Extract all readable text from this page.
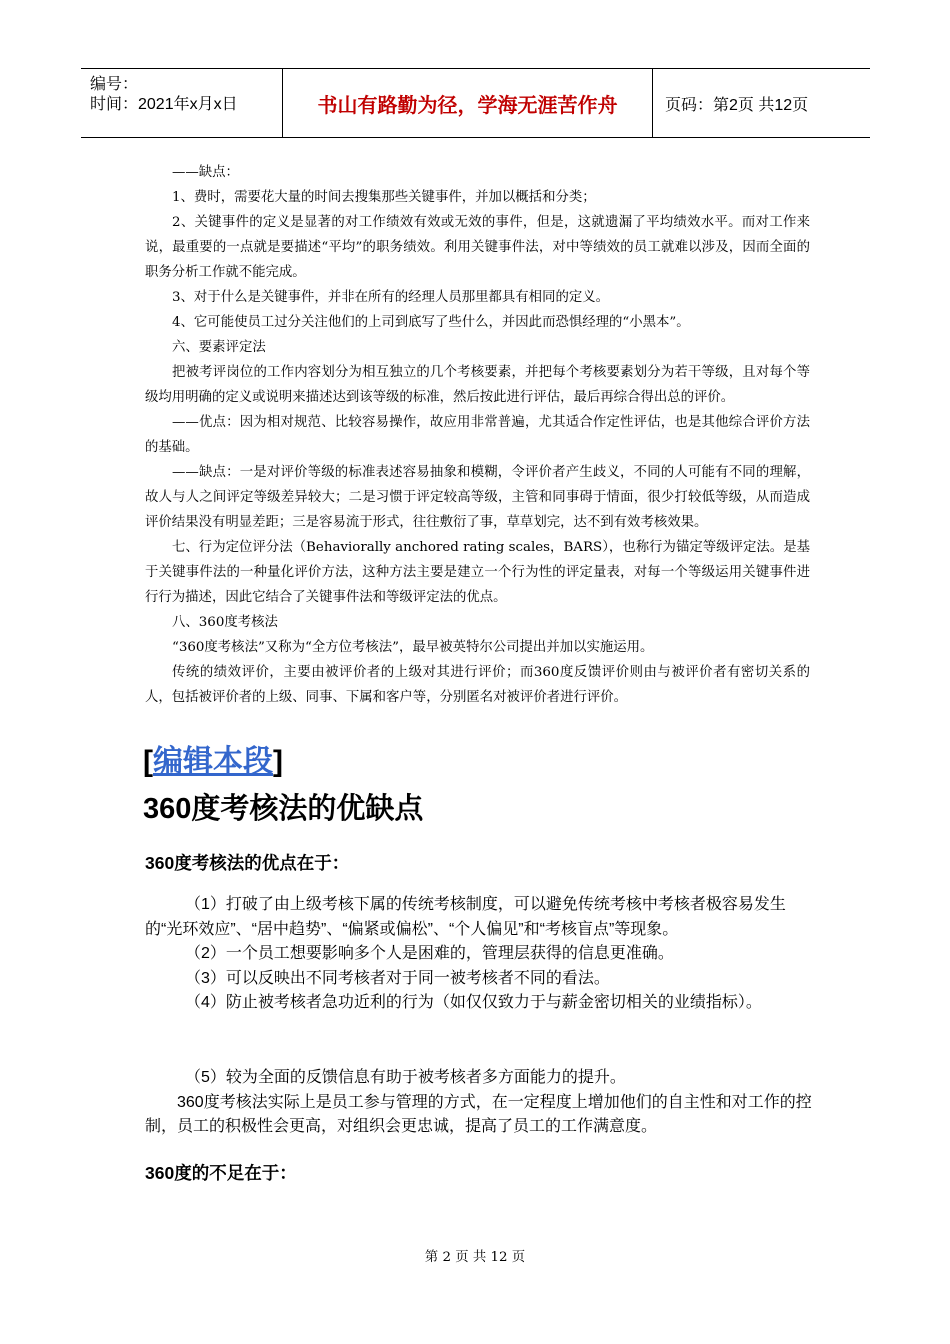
编号：
时间：2021年x月x日	书山有路勤为径，学海无涯苦作舟	页码：第2页 共12页

——缺点：

1、费时，需要花大量的时间去搜集那些关键事件，并加以概括和分类；

2、关键事件的定义是显著的对工作绩效有效或无效的事件，但是，这就遗漏了平均绩效水平。而对工作来说，最重要的一点就是要描述“平均”的职务绩效。利用关键事件法，对中等绩效的员工就难以涉及，因而全面的职务分析工作就不能完成。

3、对于什么是关键事件，并非在所有的经理人员那里都具有相同的定义。

4、它可能使员工过分关注他们的上司到底写了些什么，并因此而恐惧经理的“小黑本”。

六、要素评定法

把被考评岗位的工作内容划分为相互独立的几个考核要素，并把每个考核要素划分为若干等级，且对每个等级均用明确的定义或说明来描述达到该等级的标准，然后按此进行评估，最后再综合得出总的评价。

——优点：因为相对规范、比较容易操作，故应用非常普遍，尤其适合作定性评估，也是其他综合评价方法的基础。

——缺点：一是对评价等级的标准表述容易抽象和模糊，令评价者产生歧义，不同的人可能有不同的理解，故人与人之间评定等级差异较大；二是习惯于评定较高等级，主管和同事碍于情面，很少打较低等级，从而造成评价结果没有明显差距；三是容易流于形式，往往敷衍了事，草草划完，达不到有效考核效果。

七、行为定位评分法（Behaviorally anchored rating scales，BARS），也称行为锚定等级评定法。是基于关键事件法的一种量化评价方法，这种方法主要是建立一个行为性的评定量表，对每一个等级运用关键事件进行行为描述，因此它结合了关键事件法和等级评定法的优点。

八、360度考核法

“360度考核法”又称为“全方位考核法”，最早被英特尔公司提出并加以实施运用。

传统的绩效评价，主要由被评价者的上级对其进行评价；而360度反馈评价则由与被评价者有密切关系的人，包括被评价者的上级、同事、下属和客户等，分别匿名对被评价者进行评价。

[编辑本段]
360度考核法的优缺点
360度考核法的优点在于：

（1）打破了由上级考核下属的传统考核制度，可以避免传统考核中考核者极容易发生的“光环效应”、“居中趋势”、“偏紧或偏松”、“个人偏见”和“考核盲点”等现象。

（2）一个员工想要影响多个人是困难的，管理层获得的信息更准确。

（3）可以反映出不同考核者对于同一被考核者不同的看法。

（4）防止被考核者急功近利的行为（如仅仅致力于与薪金密切相关的业绩指标）。

（5）较为全面的反馈信息有助于被考核者多方面能力的提升。

360度考核法实际上是员工参与管理的方式，在一定程度上增加他们的自主性和对工作的控制，员工的积极性会更高，对组织会更忠诚，提高了员工的工作满意度。

360度的不足在于：
第 2 页 共 12 页
